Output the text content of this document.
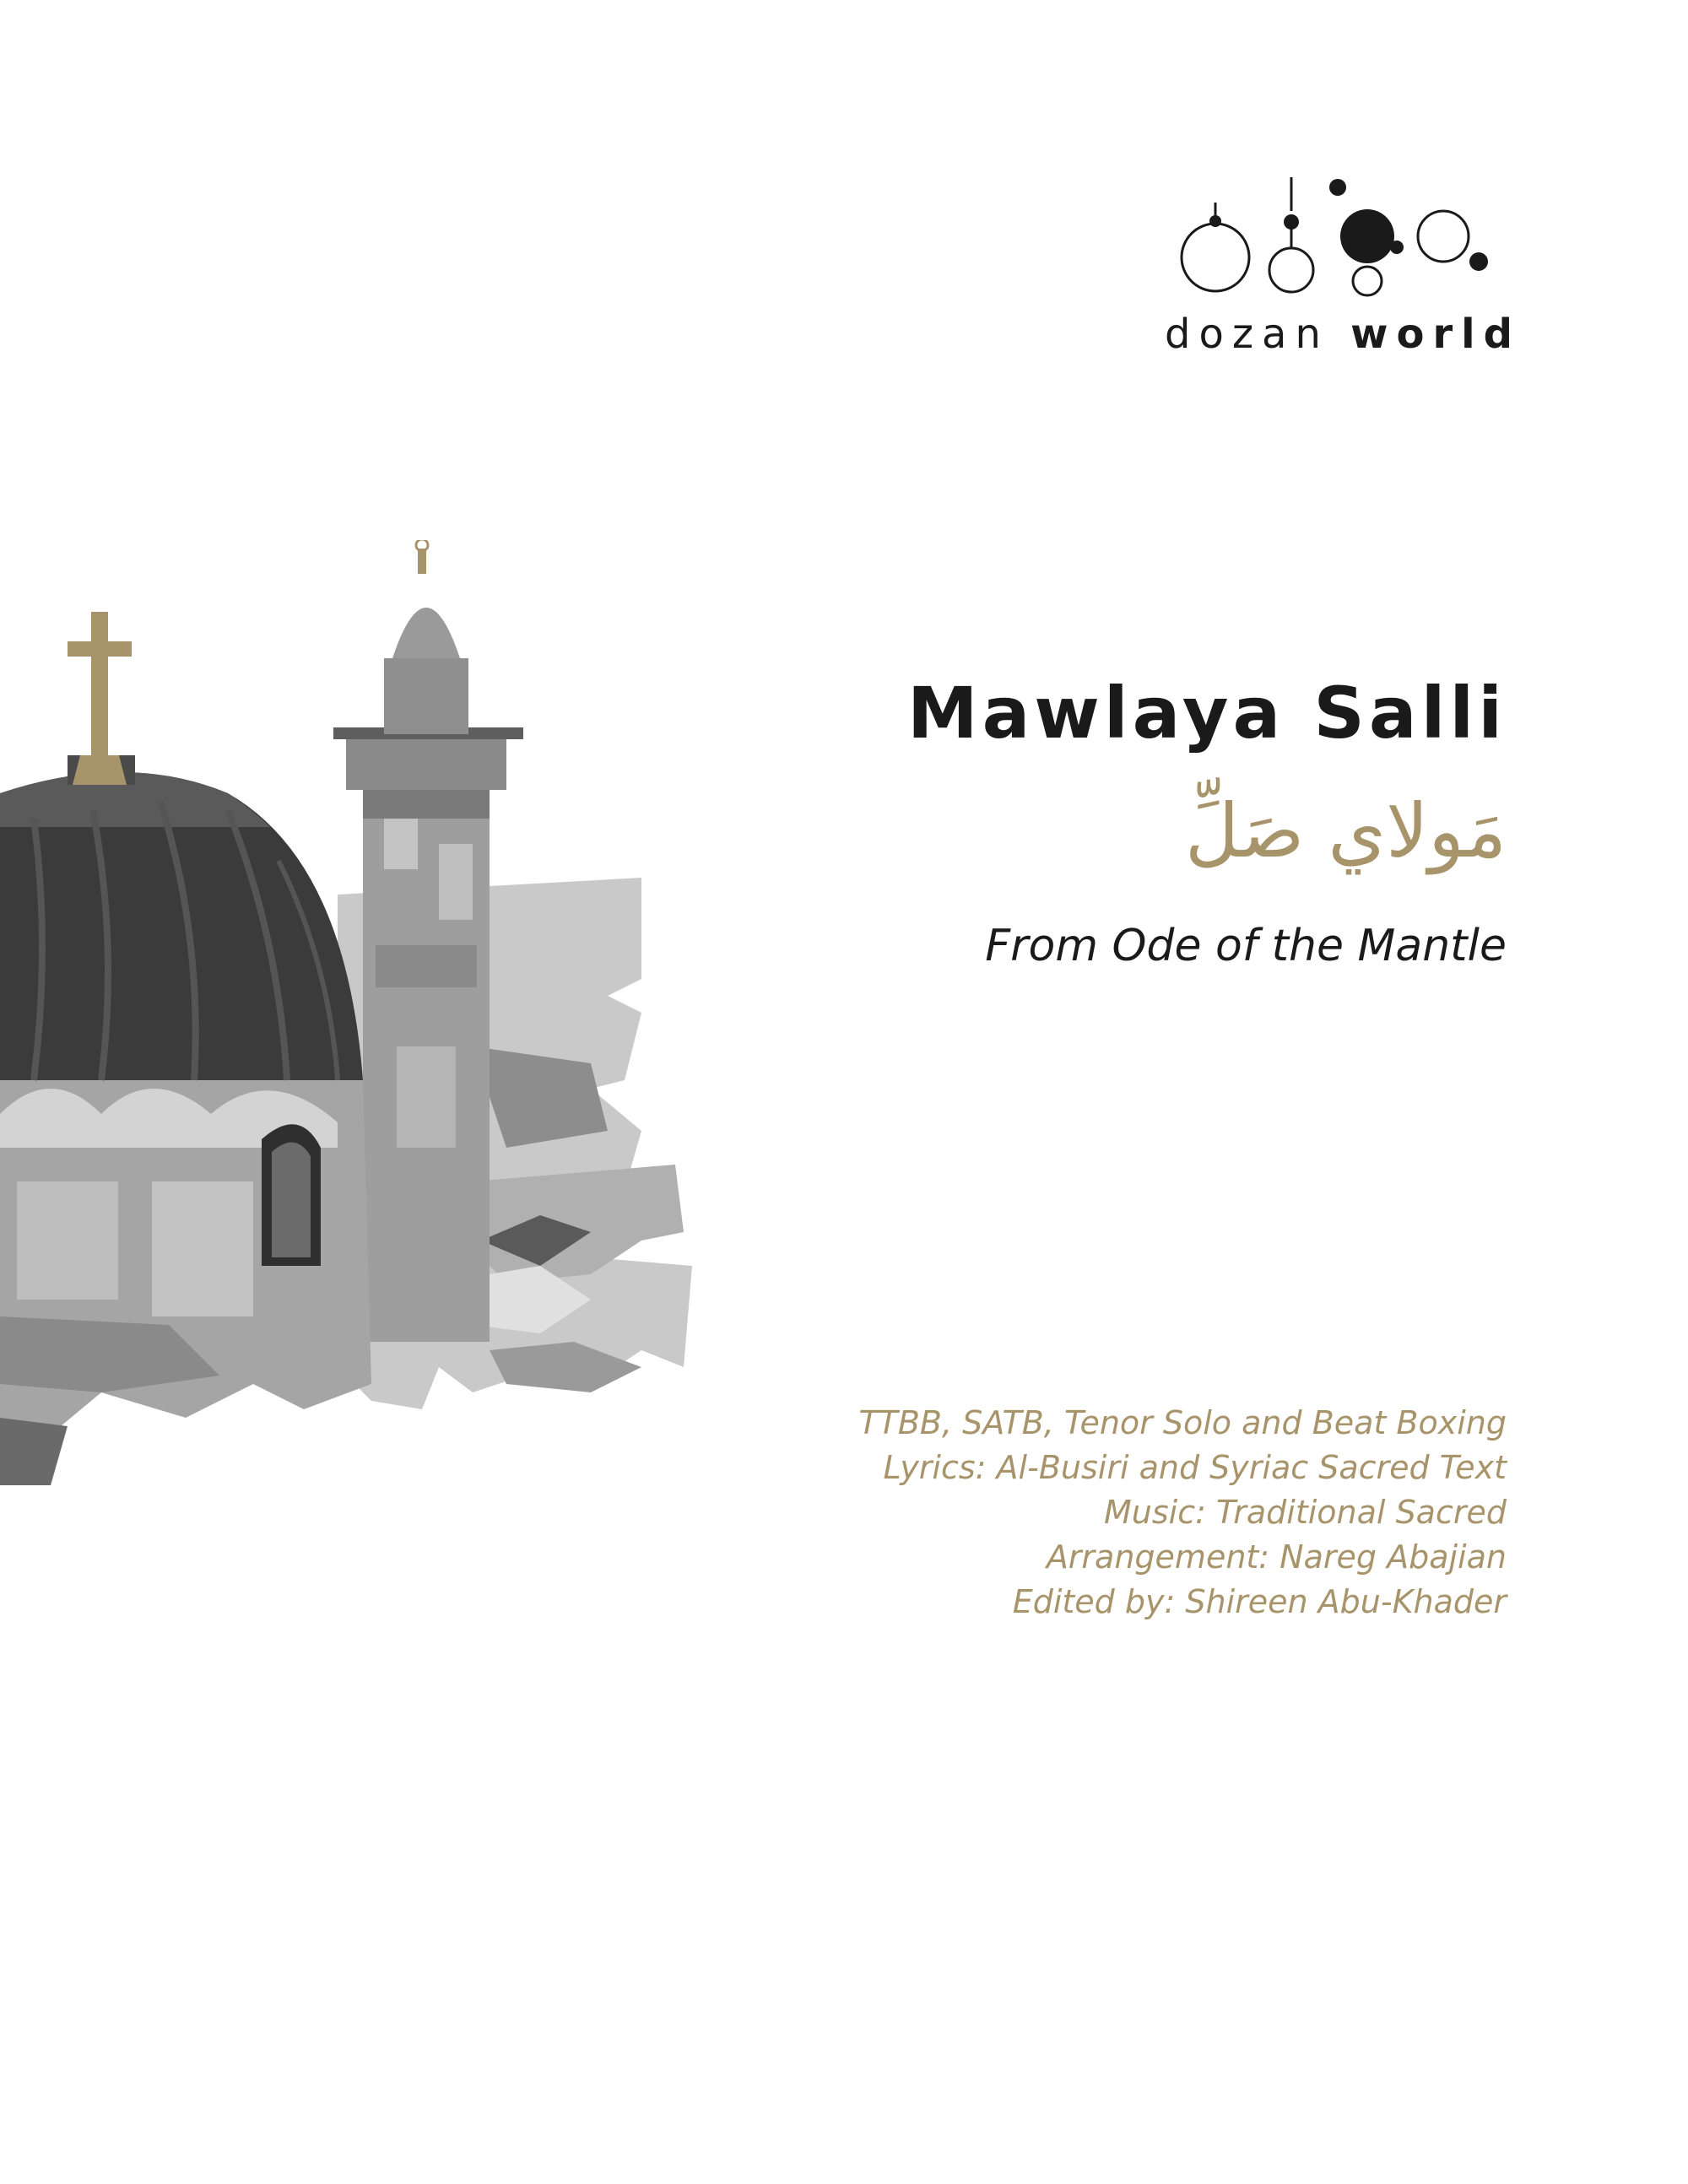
dozan world
Mawlaya Salli
مَولاي صَلِّ
From Ode of the Mantle
TTBB, SATB, Tenor Solo and Beat Boxing
Lyrics: Al-Busiri and Syriac Sacred Text
Music: Traditional Sacred
Arrangement: Nareg Abajian
Edited by: Shireen Abu-Khader
